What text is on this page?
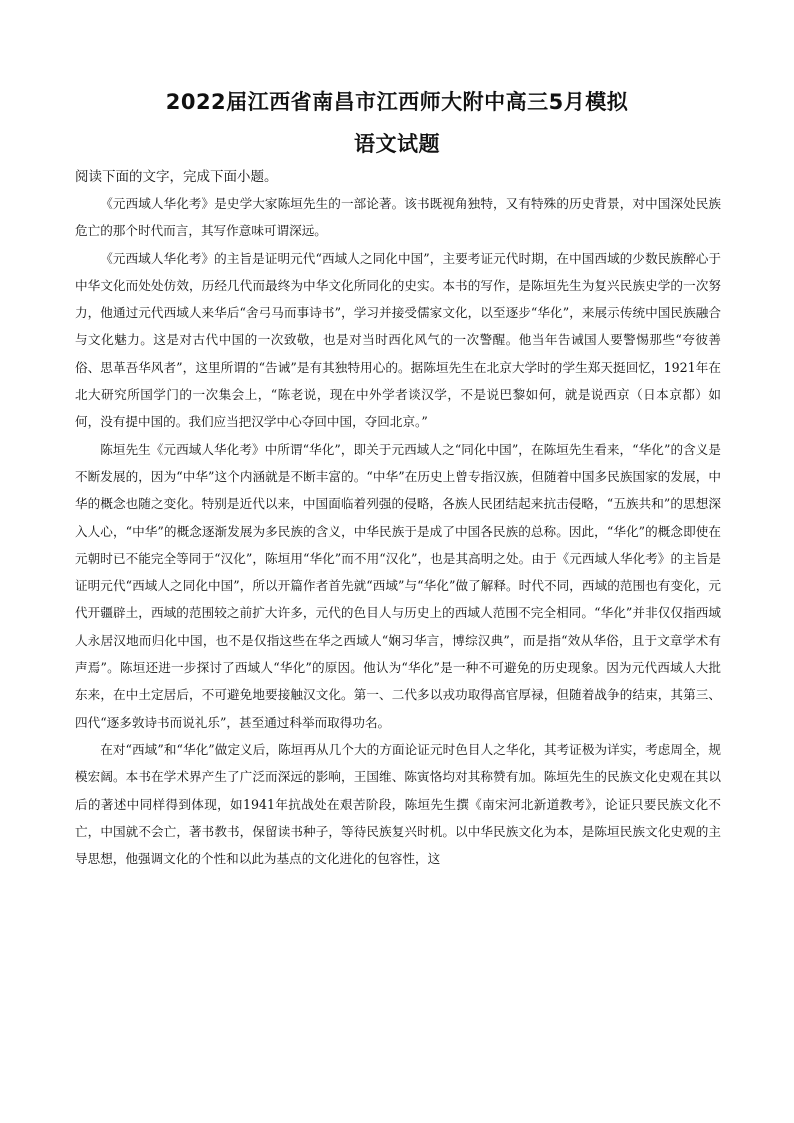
2022届江西省南昌市江西师大附中高三5月模拟
语文试题
阅读下面的文字，完成下面小题。

《元西域人华化考》是史学大家陈垣先生的一部论著。该书既视角独特，又有特殊的历史背景，对中国深处民族危亡的那个时代而言，其写作意味可谓深远。

《元西域人华化考》的主旨是证明元代“西域人之同化中国”，主要考证元代时期，在中国西域的少数民族醉心于中华文化而处处仿效，历经几代而最终为中华文化所同化的史实。本书的写作，是陈垣先生为复兴民族史学的一次努力，他通过元代西域人来华后“舍弓马而事诗书”，学习并接受儒家文化，以至逐步“华化”，来展示传统中国民族融合与文化魅力。这是对古代中国的一次致敬，也是对当时西化风气的一次警醒。他当年告诫国人要警惕那些“夸彼善俗、思革吾华风者”，这里所谓的“告诫”是有其独特用心的。据陈垣先生在北京大学时的学生郑天挺回忆，1921年在北大研究所国学门的一次集会上，“陈老说，现在中外学者谈汉学，不是说巴黎如何，就是说西京（日本京都）如何，没有提中国的。我们应当把汉学中心夺回中国，夺回北京。”

陈垣先生《元西域人华化考》中所谓“华化”，即关于元西域人之“同化中国”，在陈垣先生看来，“华化”的含义是不断发展的，因为“中华”这个内涵就是不断丰富的。“中华”在历史上曾专指汉族，但随着中国多民族国家的发展，中华的概念也随之变化。特别是近代以来，中国面临着列强的侵略，各族人民团结起来抗击侵略，“五族共和”的思想深入人心，“中华”的概念逐渐发展为多民族的含义，中华民族于是成了中国各民族的总称。因此，“华化”的概念即使在元朝时已不能完全等同于“汉化”，陈垣用“华化”而不用“汉化”，也是其高明之处。由于《元西域人华化考》的主旨是证明元代“西域人之同化中国”，所以开篇作者首先就“西域”与“华化”做了解释。时代不同，西域的范围也有变化，元代开疆辟土，西域的范围较之前扩大许多，元代的色目人与历史上的西域人范围不完全相同。“华化”并非仅仅指西域人永居汉地而归化中国，也不是仅指这些在华之西域人“娴习华言，博综汉典”，而是指“效从华俗，且于文章学术有声焉”。陈垣还进一步探讨了西域人“华化”的原因。他认为“华化”是一种不可避免的历史现象。因为元代西域人大批东来，在中土定居后，不可避免地要接触汉文化。第一、二代多以戎功取得高官厚禄，但随着战争的结束，其第三、四代“逐多敦诗书而说礼乐”，甚至通过科举而取得功名。

在对“西域”和“华化”做定义后，陈垣再从几个大的方面论证元时色目人之华化，其考证极为详实，考虑周全，规模宏阔。本书在学术界产生了广泛而深远的影响，王国维、陈寅恪均对其称赞有加。陈垣先生的民族文化史观在其以后的著述中同样得到体现，如1941年抗战处在艰苦阶段，陈垣先生撰《南宋河北新道教考》，论证只要民族文化不亡，中国就不会亡，著书教书，保留读书种子，等待民族复兴时机。以中华民族文化为本，是陈垣民族文化史观的主导思想，他强调文化的个性和以此为基点的文化进化的包容性，这
